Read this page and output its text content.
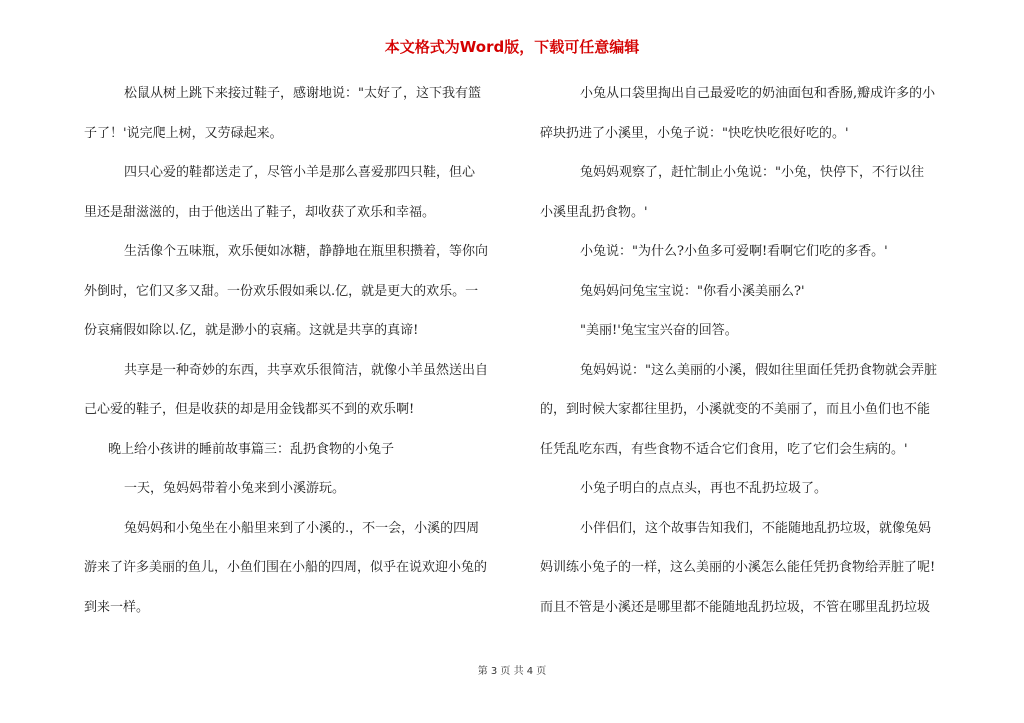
本文格式为Word版，下载可任意编辑
松鼠从树上跳下来接过鞋子，感谢地说："太好了，这下我有篮
子了！'说完爬上树，又劳碌起来。
四只心爱的鞋都送走了，尽管小羊是那么喜爱那四只鞋，但心
里还是甜滋滋的，由于他送出了鞋子，却收获了欢乐和幸福。
生活像个五味瓶，欢乐便如冰糖，静静地在瓶里积攒着，等你向
外倒时，它们又多又甜。一份欢乐假如乘以.亿，就是更大的欢乐。一
份哀痛假如除以.亿，就是渺小的哀痛。这就是共享的真谛!
共享是一种奇妙的东西，共享欢乐很简洁，就像小羊虽然送出自
己心爱的鞋子，但是收获的却是用金钱都买不到的欢乐啊!
晚上给小孩讲的睡前故事篇三：乱扔食物的小兔子
一天，兔妈妈带着小兔来到小溪游玩。
兔妈妈和小兔坐在小船里来到了小溪的.，不一会，小溪的四周
游来了许多美丽的鱼儿，小鱼们围在小船的四周，似乎在说欢迎小兔的
到来一样。
小兔从口袋里掏出自己最爱吃的奶油面包和香肠,瓣成许多的小
碎块扔进了小溪里，小兔子说："快吃快吃很好吃的。'
兔妈妈观察了，赶忙制止小兔说："小兔，快停下，不行以往
小溪里乱扔食物。'
小兔说："为什么?小鱼多可爱啊!看啊它们吃的多香。'
兔妈妈问兔宝宝说："你看小溪美丽么?'
"美丽!'兔宝宝兴奋的回答。
兔妈妈说："这么美丽的小溪，假如往里面任凭扔食物就会弄脏
的，到时候大家都往里扔，小溪就变的不美丽了，而且小鱼们也不能
任凭乱吃东西，有些食物不适合它们食用，吃了它们会生病的。'
小兔子明白的点点头，再也不乱扔垃圾了。
小伴侣们，这个故事告知我们，不能随地乱扔垃圾，就像兔妈
妈训练小兔子的一样，这么美丽的小溪怎么能任凭扔食物给弄脏了呢!
而且不管是小溪还是哪里都不能随地乱扔垃圾，不管在哪里乱扔垃圾
第 3 页 共 4 页
